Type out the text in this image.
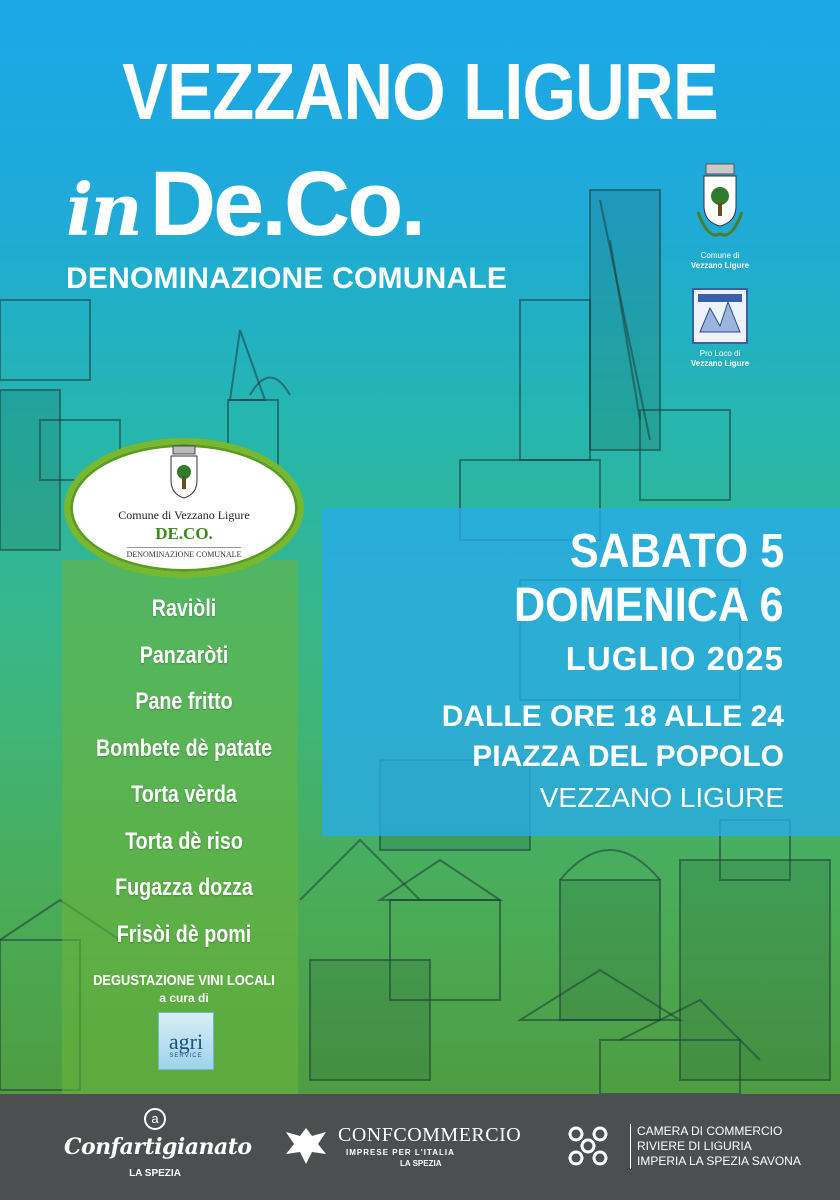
VEZZANO LIGURE
in De.Co.
DENOMINAZIONE COMUNALE
Comune di
Vezzano Ligure
Pro Loco di
Vezzano Ligure
Comune di Vezzano Ligure
DE.CO.
DENOMINAZIONE COMUNALE
Raviòli
Panzaròti
Pane fritto
Bombete dè patate
Torta vèrda
Torta dè riso
Fugazza dozza
Frisòi dè pomi
DEGUSTAZIONE VINI LOCALI
a cura di
agri
SERVICE
SABATO 5
DOMENICA 6
LUGLIO 2025
DALLE ORE 18 ALLE 24
PIAZZA DEL POPOLO
VEZZANO LIGURE
a
Confartigianato
LA SPEZIA
CONFCOMMERCIO
IMPRESE PER L'ITALIA
LA SPEZIA
CAMERA DI COMMERCIO
RIVIERE DI LIGURIA
IMPERIA LA SPEZIA SAVONA
